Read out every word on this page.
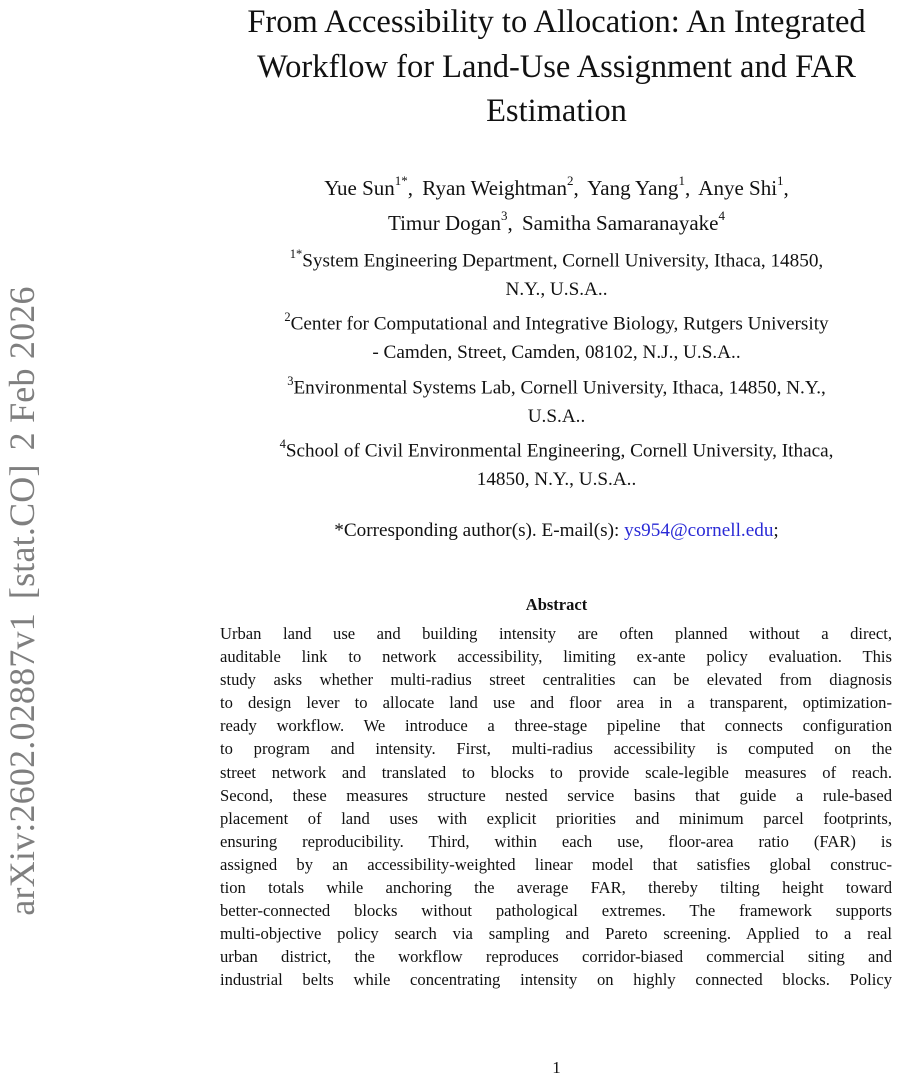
arXiv:2602.02887v1[stat.CO]2 Feb 2026
From Accessibility to Allocation: An Integrated
Workflow for Land-Use Assignment and FAR
Estimation
Yue Sun$^{1*}$, Ryan Weightman$^2$, Yang Yang$^1$, Anye Shi$^1$,
Timur Dogan$^3$, Samitha Samaranayake$^4$
$^{1*}$System Engineering Department, Cornell University, Ithaca, 14850,
N.Y., U.S.A..
$^2$Center for Computational and Integrative Biology, Rutgers University
- Camden, Street, Camden, 08102, N.J., U.S.A..
$^3$Environmental Systems Lab, Cornell University, Ithaca, 14850, N.Y.,
U.S.A..
$^4$School of Civil Environmental Engineering, Cornell University, Ithaca,
14850, N.Y., U.S.A..
*Corresponding author(s). E-mail(s): ys954@cornell.edu;
Abstract
Urban land use and building intensity are often planned without a direct,
auditable link to network accessibility, limiting ex-ante policy evaluation. This
study asks whether multi-radius street centralities can be elevated from diagnosis
to design lever to allocate land use and floor area in a transparent, optimization-
ready workflow. We introduce a three-stage pipeline that connects configuration
to program and intensity. First, multi-radius accessibility is computed on the
street network and translated to blocks to provide scale-legible measures of reach.
Second, these measures structure nested service basins that guide a rule-based
placement of land uses with explicit priorities and minimum parcel footprints,
ensuring reproducibility. Third, within each use, floor-area ratio (FAR) is
assigned by an accessibility-weighted linear model that satisfies global construc-
tion totals while anchoring the average FAR, thereby tilting height toward
better-connected blocks without pathological extremes. The framework supports
multi-objective policy search via sampling and Pareto screening. Applied to a real
urban district, the workflow reproduces corridor-biased commercial siting and
industrial belts while concentrating intensity on highly connected blocks. Policy
1
